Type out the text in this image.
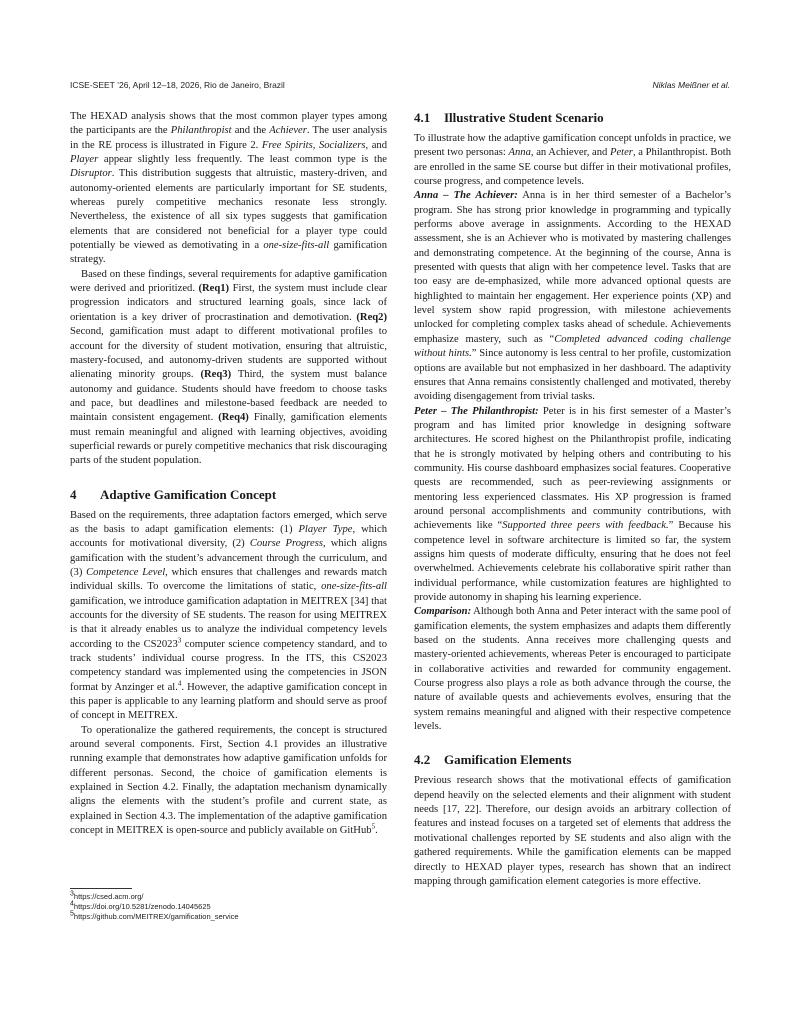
ICSE-SEET ’26, April 12–18, 2026, Rio de Janeiro, Brazil	Niklas Meißner et al.

The HEXAD analysis shows that the most common player types among the participants are the Philanthropist and the Achiever. The user analysis in the RE process is illustrated in Figure 2. Free Spirits, Socializers, and Player appear slightly less frequently. The least common type is the Disruptor. This distribution suggests that altruistic, mastery-driven, and autonomy-oriented elements are particularly important for SE students, whereas purely competitive mechanics resonate less strongly. Nevertheless, the existence of all six types suggests that gamification elements that are considered not beneficial for a player type could potentially be viewed as demotivating in a one-size-fits-all gamification strategy.

Based on these findings, several requirements for adaptive gamification were derived and prioritized. (Req1) First, the system must include clear progression indicators and structured learning goals, since lack of orientation is a key driver of procrastination and demotivation. (Req2) Second, gamification must adapt to different motivational profiles to account for the diversity of student motivation, ensuring that altruistic, mastery-focused, and autonomy-driven students are supported without alienating minority groups. (Req3) Third, the system must balance autonomy and guidance. Students should have freedom to choose tasks and pace, but deadlines and milestone-based feedback are needed to maintain consistent engagement. (Req4) Finally, gamification elements must remain meaningful and aligned with learning objectives, avoiding superficial rewards or purely competitive mechanics that risk discouraging parts of the student population.

4 Adaptive Gamification Concept

Based on the requirements, three adaptation factors emerged, which serve as the basis to adapt gamification elements: (1) Player Type, which accounts for motivational diversity, (2) Course Progress, which aligns gamification with the student’s advancement through the curriculum, and (3) Competence Level, which ensures that challenges and rewards match individual skills. To overcome the limitations of static, one-size-fits-all gamification, we introduce gamification adaptation in MEITREX [34] that accounts for the diversity of SE students. The reason for using MEITREX is that it already enables us to analyze the individual competency levels according to the CS2023$^3$ computer science competency standard, and to track students’ individual course progress. In the ITS, this CS2023 competency standard was implemented using the competencies in JSON format by Anzinger et al.$^4$. However, the adaptive gamification concept in this paper is applicable to any learning platform and should serve as proof of concept in MEITREX.

To operationalize the gathered requirements, the concept is structured around several components. First, Section 4.1 provides an illustrative running example that demonstrates how adaptive gamification unfolds for different personas. Second, the choice of gamification elements is explained in Section 4.2. Finally, the adaptation mechanism dynamically aligns the elements with the student’s profile and current state, as explained in Section 4.3. The implementation of the adaptive gamification concept in MEITREX is open-source and publicly available on GitHub$^5$.

$^3$https://csed.acm.org/
$^4$https://doi.org/10.5281/zenodo.14045625
$^5$https://github.com/MEITREX/gamification_service
4.1 Illustrative Student Scenario

To illustrate how the adaptive gamification concept unfolds in practice, we present two personas: Anna, an Achiever, and Peter, a Philanthropist. Both are enrolled in the same SE course but differ in their motivational profiles, course progress, and competence levels.

Anna – The Achiever: Anna is in her third semester of a Bachelor’s program. She has strong prior knowledge in programming and typically performs above average in assignments. According to the HEXAD assessment, she is an Achiever who is motivated by mastering challenges and demonstrating competence. At the beginning of the course, Anna is presented with quests that align with her competence level. Tasks that are too easy are de-emphasized, while more advanced optional quests are highlighted to maintain her engagement. Her experience points (XP) and level system show rapid progression, with milestone achievements unlocked for completing complex tasks ahead of schedule. Achievements emphasize mastery, such as “Completed advanced coding challenge without hints.” Since autonomy is less central to her profile, customization options are available but not emphasized in her dashboard. The adaptivity ensures that Anna remains consistently challenged and motivated, thereby avoiding disengagement from trivial tasks.

Peter – The Philanthropist: Peter is in his first semester of a Master’s program and has limited prior knowledge in designing software architectures. He scored highest on the Philanthropist profile, indicating that he is strongly motivated by helping others and contributing to his community. His course dashboard emphasizes social features. Cooperative quests are recommended, such as peer-reviewing assignments or mentoring less experienced classmates. His XP progression is framed around personal accomplishments and community contributions, with achievements like “Supported three peers with feedback.” Because his competence level in software architecture is limited so far, the system assigns him quests of moderate difficulty, ensuring that he does not feel overwhelmed. Achievements celebrate his collaborative spirit rather than individual performance, while customization features are highlighted to provide autonomy in shaping his learning experience.

Comparison: Although both Anna and Peter interact with the same pool of gamification elements, the system emphasizes and adapts them differently based on the students. Anna receives more challenging quests and mastery-oriented achievements, whereas Peter is encouraged to participate in collaborative activities and rewarded for community engagement. Course progress also plays a role as both advance through the course, the nature of available quests and achievements evolves, ensuring that the system remains meaningful and aligned with their respective competence levels.

4.2 Gamification Elements

Previous research shows that the motivational effects of gamification depend heavily on the selected elements and their alignment with student needs [17, 22]. Therefore, our design avoids an arbitrary collection of features and instead focuses on a targeted set of elements that address the motivational challenges reported by SE students and also align with the gathered requirements. While the gamification elements can be mapped directly to HEXAD player types, research has shown that an indirect mapping through gamification element categories is more effective.
